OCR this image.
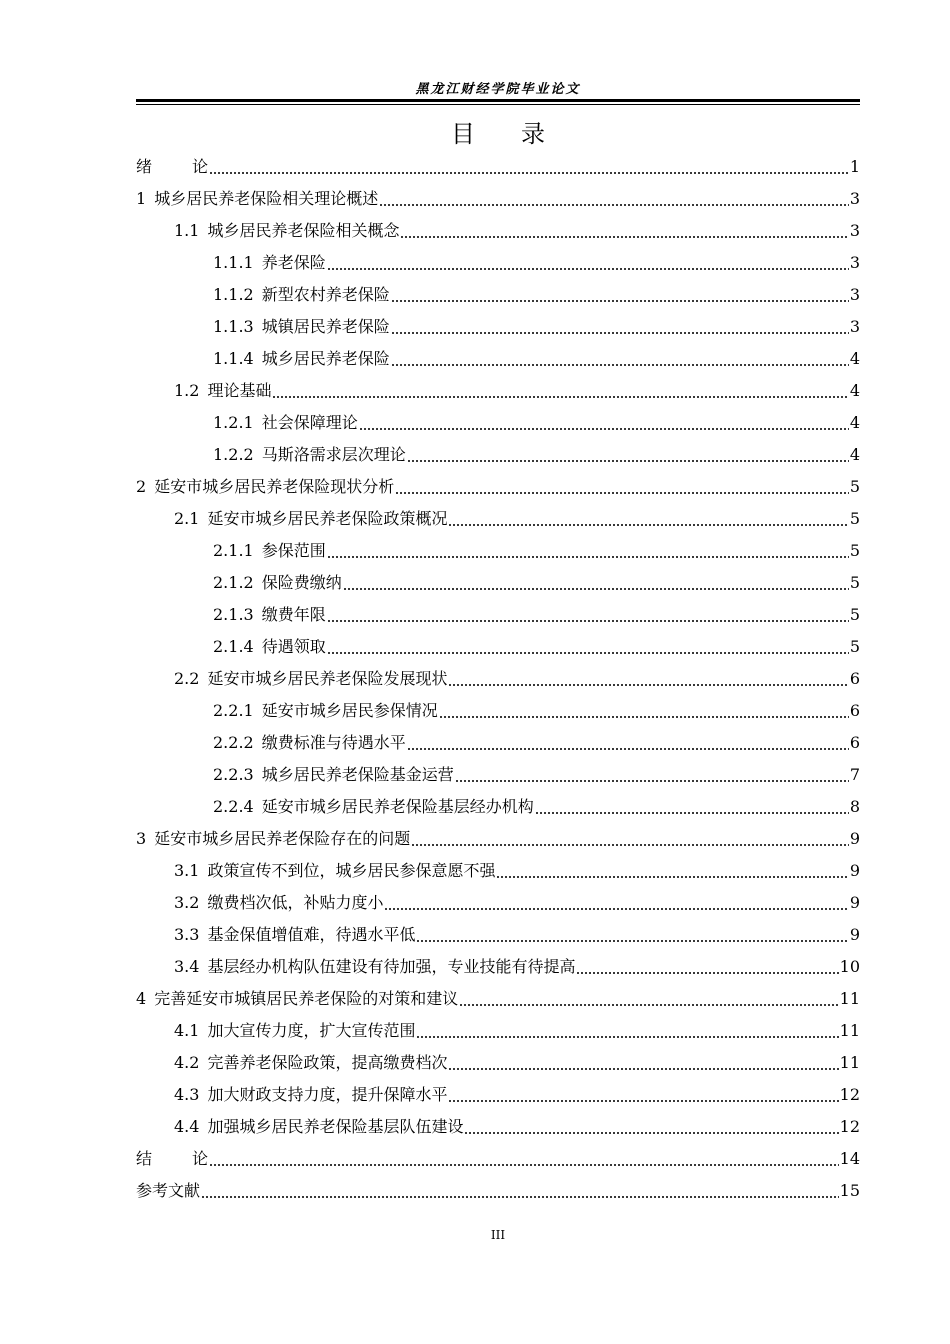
黑龙江财经学院毕业论文
目录
绪	论	1
1 城乡居民养老保险相关理论概述	3
1.1 城乡居民养老保险相关概念	3
1.1.1 养老保险	3
1.1.2 新型农村养老保险	3
1.1.3 城镇居民养老保险	3
1.1.4 城乡居民养老保险	4
1.2 理论基础	4
1.2.1 社会保障理论	4
1.2.2 马斯洛需求层次理论	4
2 延安市城乡居民养老保险现状分析	5
2.1 延安市城乡居民养老保险政策概况	5
2.1.1 参保范围	5
2.1.2 保险费缴纳	5
2.1.3 缴费年限	5
2.1.4 待遇领取	5
2.2 延安市城乡居民养老保险发展现状	6
2.2.1 延安市城乡居民参保情况	6
2.2.2 缴费标准与待遇水平	6
2.2.3 城乡居民养老保险基金运营	7
2.2.4 延安市城乡居民养老保险基层经办机构	8
3 延安市城乡居民养老保险存在的问题	9
3.1 政策宣传不到位，城乡居民参保意愿不强	9
3.2 缴费档次低，补贴力度小	9
3.3 基金保值增值难，待遇水平低	9
3.4 基层经办机构队伍建设有待加强，专业技能有待提高	10
4 完善延安市城镇居民养老保险的对策和建议	11
4.1 加大宣传力度，扩大宣传范围	11
4.2 完善养老保险政策，提高缴费档次	11
4.3 加大财政支持力度，提升保障水平	12
4.4 加强城乡居民养老保险基层队伍建设	12
结	论	14
参考文献	15
III
